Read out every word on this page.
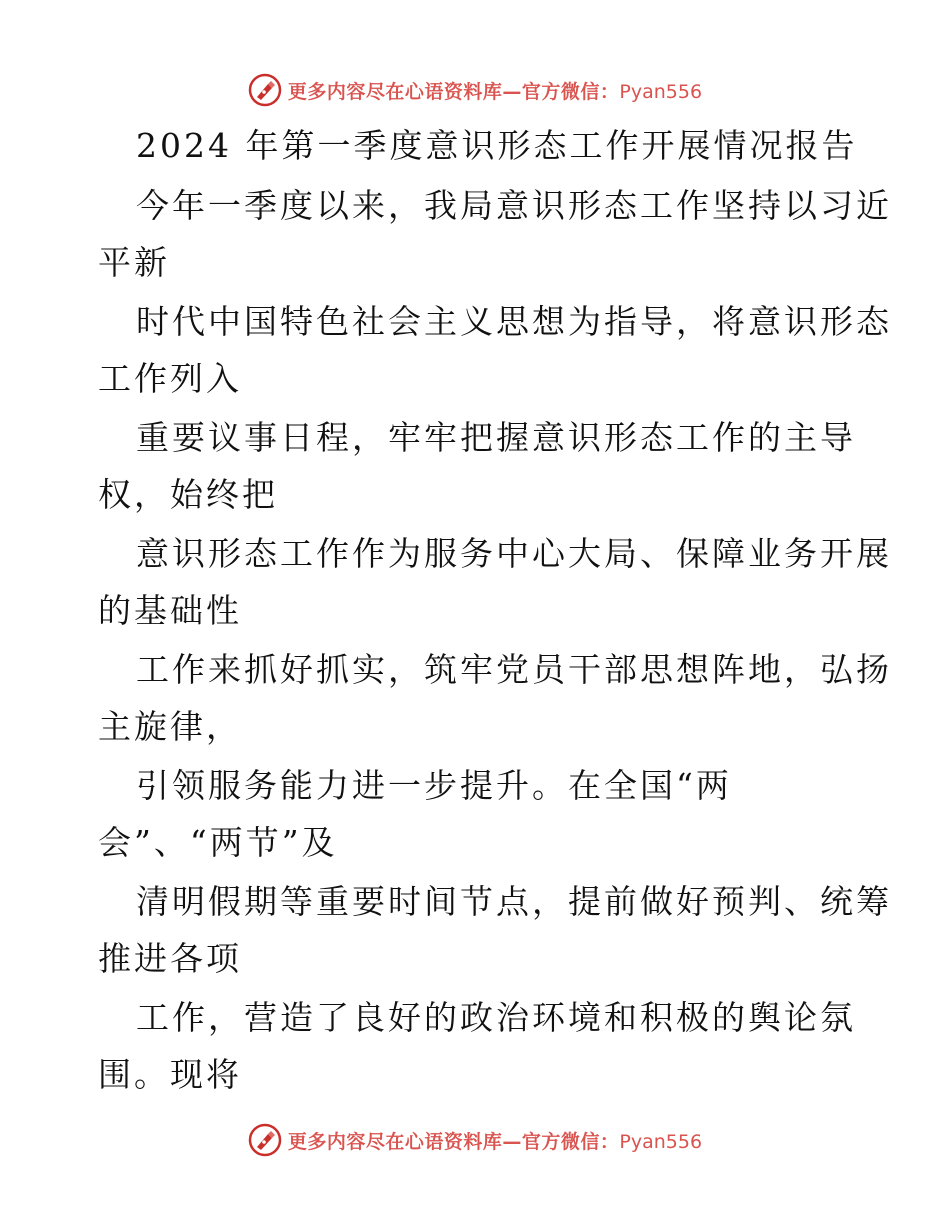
更多内容尽在心语资料库—官方微信：Pyan556
2024 年第一季度意识形态工作开展情况报告
今年一季度以来，我局意识形态工作坚持以习近
平新
时代中国特色社会主义思想为指导，将意识形态
工作列入
重要议事日程，牢牢把握意识形态工作的主导
权，始终把
意识形态工作作为服务中心大局、保障业务开展
的基础性
工作来抓好抓实，筑牢党员干部思想阵地，弘扬
主旋律，
引领服务能力进一步提升。在全国“两
会”、“两节”及
清明假期等重要时间节点，提前做好预判、统筹
推进各项
工作，营造了良好的政治环境和积极的舆论氛
围。现将
更多内容尽在心语资料库—官方微信：Pyan556
